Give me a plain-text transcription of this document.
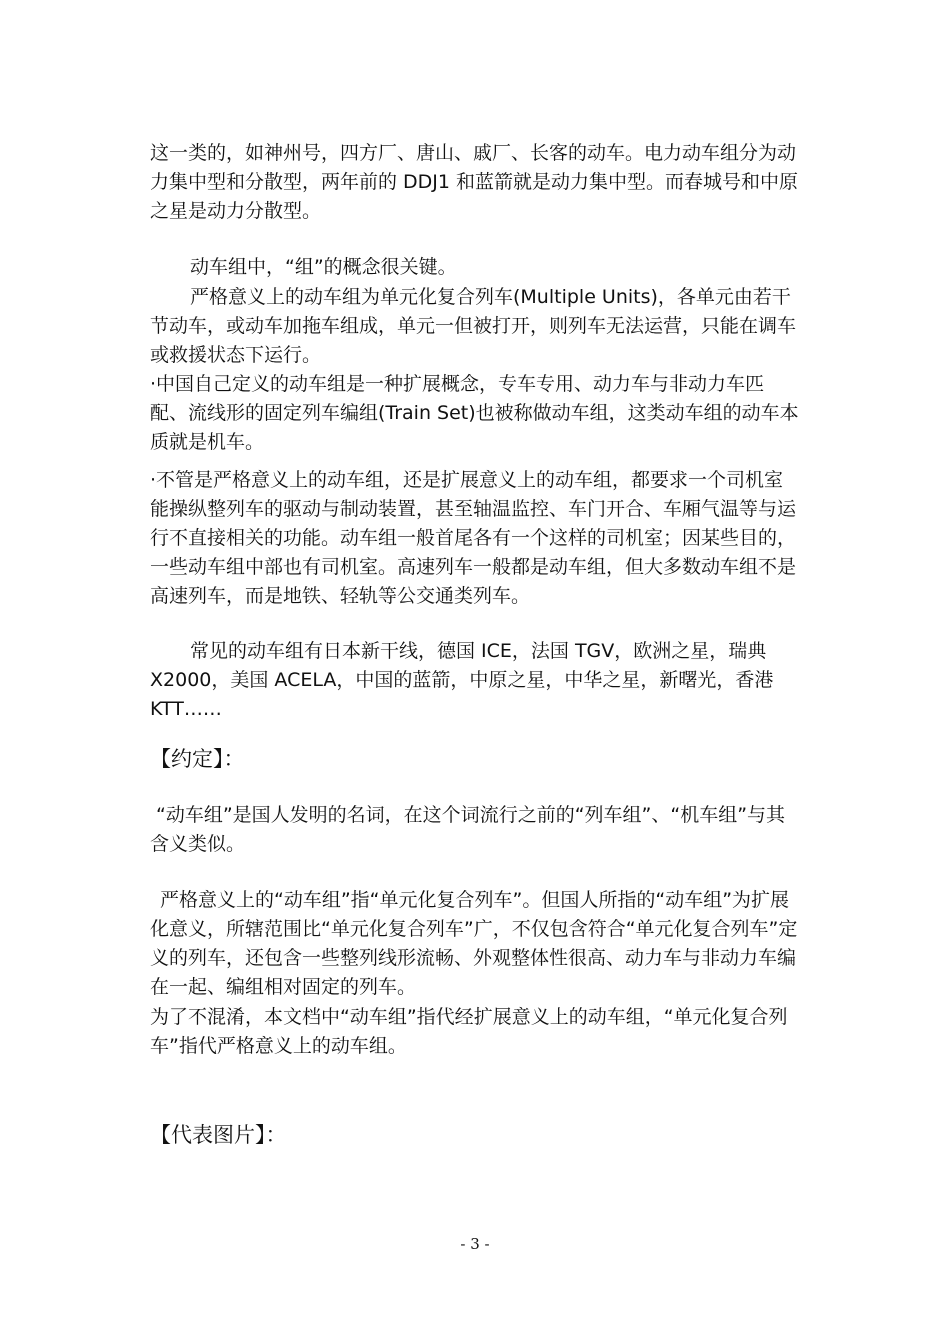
这一类的，如神州号，四方厂、唐山、戚厂、长客的动车。电力动车组分为动力集中型和分散型，两年前的 DDJ1 和蓝箭就是动力集中型。而春城号和中原之星是动力分散型。

动车组中，“组”的概念很关键。

严格意义上的动车组为单元化复合列车(Multiple Units)，各单元由若干节动车，或动车加拖车组成，单元一但被打开，则列车无法运营，只能在调车或救援状态下运行。

·中国自己定义的动车组是一种扩展概念，专车专用、动力车与非动力车匹配、流线形的固定列车编组(Train Set)也被称做动车组，这类动车组的动车本质就是机车。

·不管是严格意义上的动车组，还是扩展意义上的动车组，都要求一个司机室能操纵整列车的驱动与制动装置，甚至轴温监控、车门开合、车厢气温等与运行不直接相关的功能。动车组一般首尾各有一个这样的司机室；因某些目的，一些动车组中部也有司机室。高速列车一般都是动车组，但大多数动车组不是高速列车，而是地铁、轻轨等公交通类列车。

常见的动车组有日本新干线，德国 ICE，法国 TGV，欧洲之星，瑞典 X2000，美国 ACELA，中国的蓝箭，中原之星，中华之星，新曙光，香港 KTT……

【约定】：

“动车组”是国人发明的名词，在这个词流行之前的“列车组”、“机车组”与其含义类似。

严格意义上的“动车组”指“单元化复合列车”。但国人所指的“动车组”为扩展化意义，所辖范围比“单元化复合列车”广，不仅包含符合“单元化复合列车”定义的列车，还包含一些整列线形流畅、外观整体性很高、动力车与非动力车编在一起、编组相对固定的列车。

为了不混淆，本文档中“动车组”指代经扩展意义上的动车组，“单元化复合列车”指代严格意义上的动车组。

【代表图片】：
- 3 -
